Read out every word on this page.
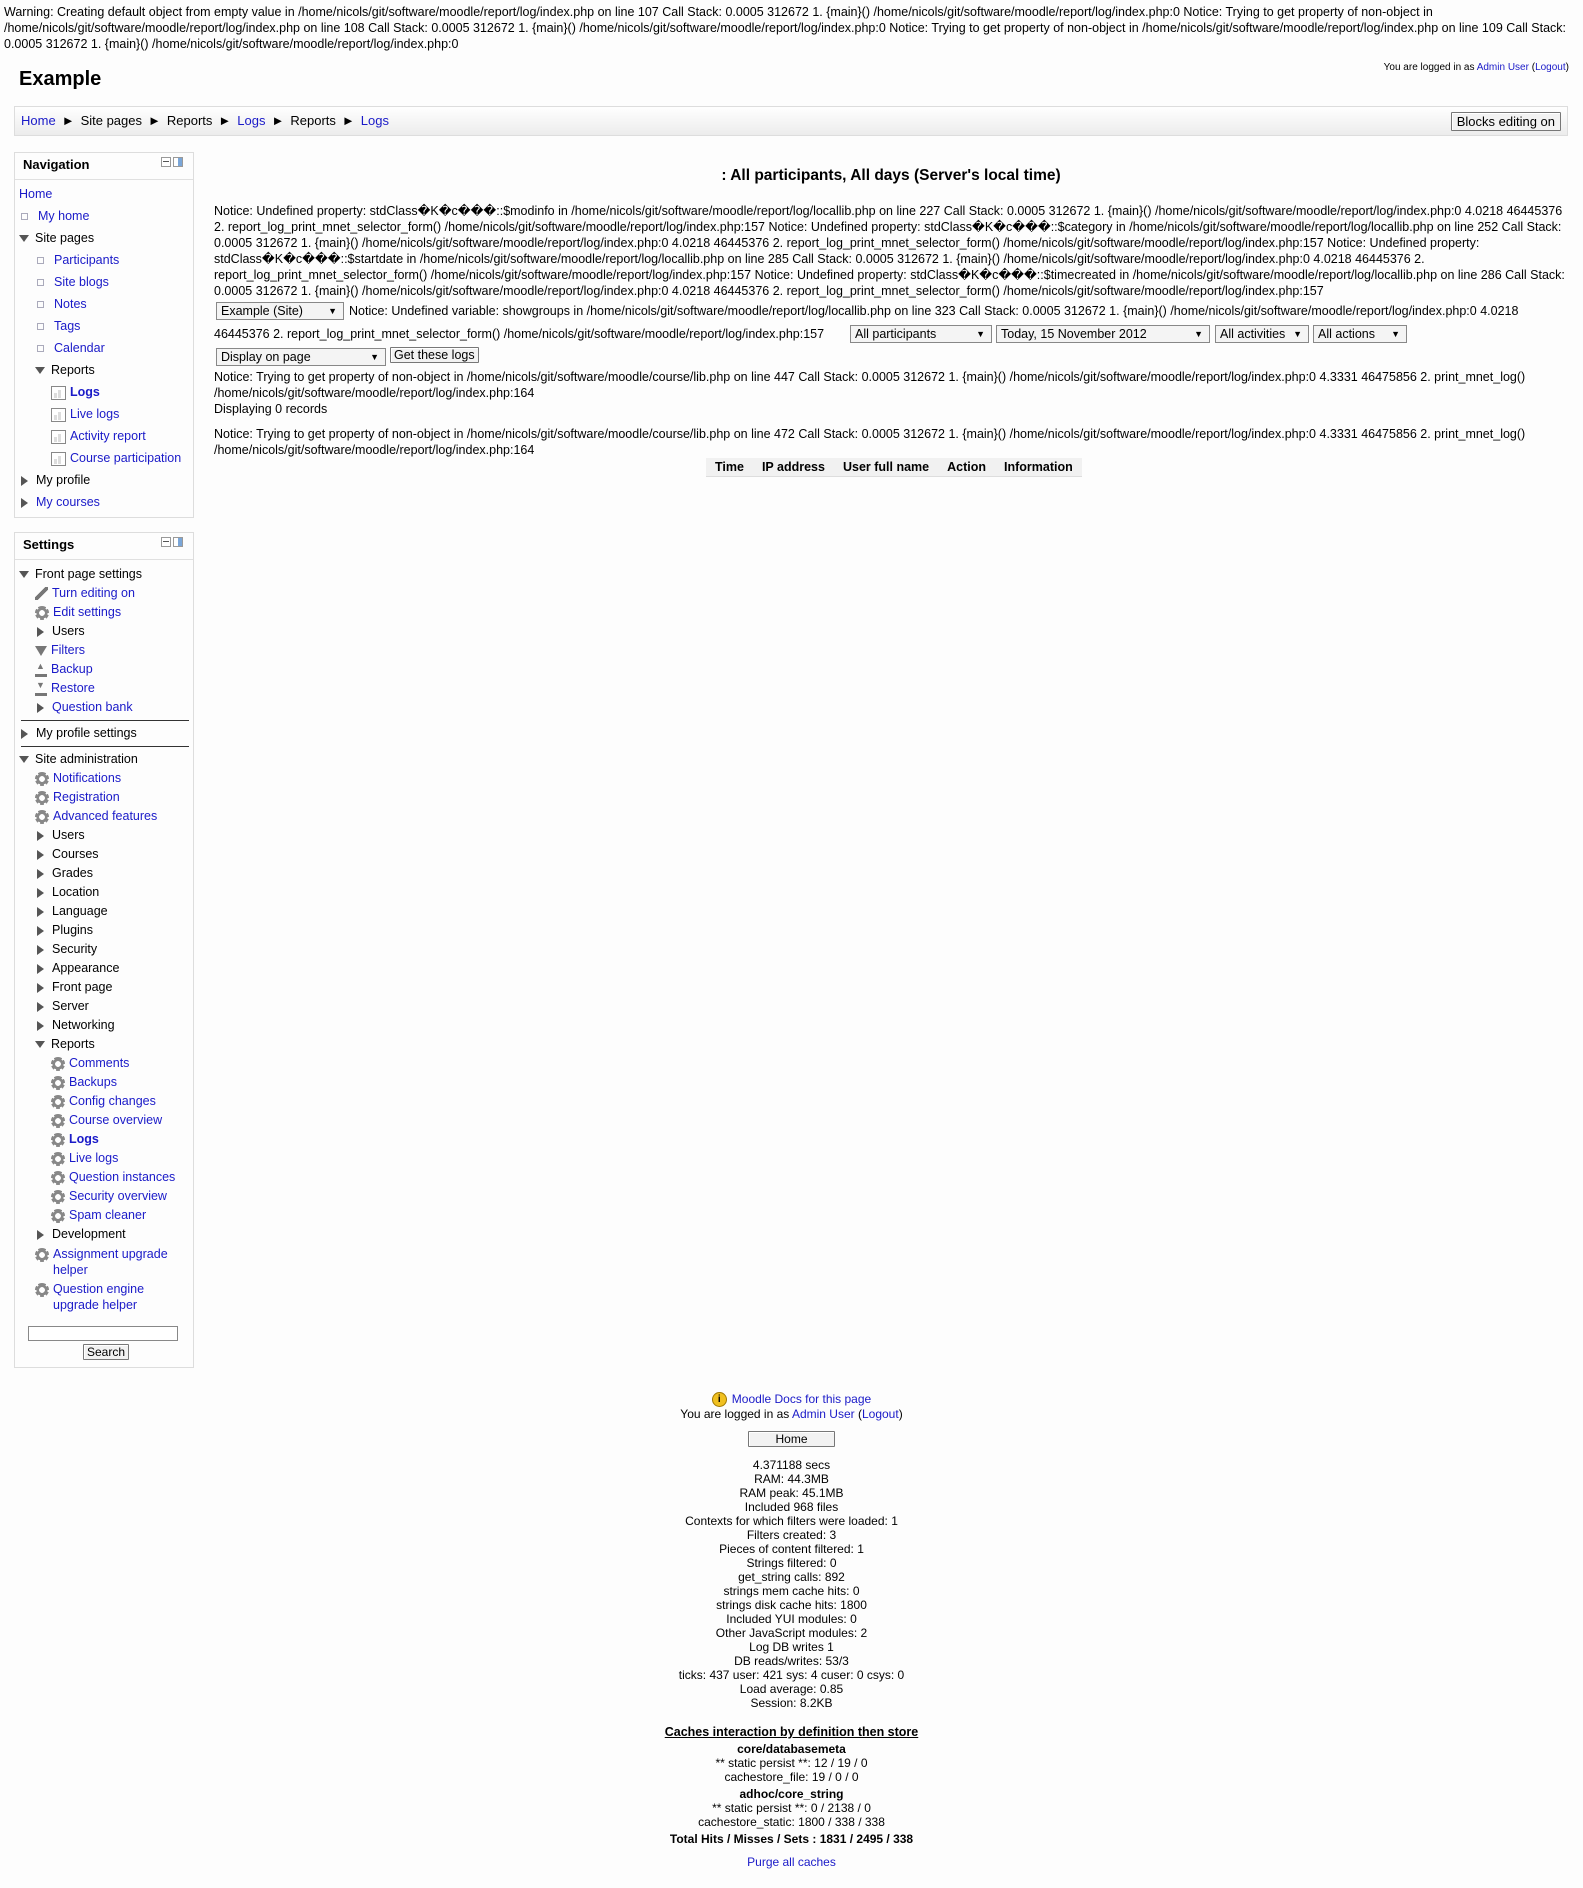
Warning: Creating default object from empty value in /home/nicols/git/software/moodle/report/log/index.php on line 107 Call Stack: 0.0005 312672 1. {main}() /home/nicols/git/software/moodle/report/log/index.php:0 Notice: Trying to get property of non-object in /home/nicols/git/software/moodle/report/log/index.php on line 108 Call Stack: 0.0005 312672 1. {main}() /home/nicols/git/software/moodle/report/log/index.php:0 Notice: Trying to get property of non-object in /home/nicols/git/software/moodle/report/log/index.php on line 109 Call Stack: 0.0005 312672 1. {main}() /home/nicols/git/software/moodle/report/log/index.php:0
Example
You are logged in as Admin User (Logout)
Home ► Site pages ► Reports ► Logs ► Reports ► Logs	Blocks editing on
Navigation
Home
My home
Site pages
Participants
Site blogs
Notes
Tags
Calendar
Reports
Logs
Live logs
Activity report
Course participation
My profile
My courses
Settings
Front page settings
Turn editing on
Edit settings
Users
Filters
▲Backup
▼Restore
Question bank
My profile settings
Site administration
Notifications
Registration
Advanced features
Users
Courses
Grades
Location
Language
Plugins
Security
Appearance
Front page
Server
Networking
Reports
Comments
Backups
Config changes
Course overview
Logs
Live logs
Question instances
Security overview
Spam cleaner
Development
Assignment upgrade
helper
Question engine
upgrade helper
Search
: All participants, All days (Server's local time)
Notice: Undefined property: stdClass�K�c���::$modinfo in /home/nicols/git/software/moodle/report/log/locallib.php on line 227 Call Stack: 0.0005 312672 1. {main}() /home/nicols/git/software/moodle/report/log/index.php:0 4.0218 46445376 2. report_log_print_mnet_selector_form() /home/nicols/git/software/moodle/report/log/index.php:157 Notice: Undefined property: stdClass�K�c���::$category in /home/nicols/git/software/moodle/report/log/locallib.php on line 252 Call Stack: 0.0005 312672 1. {main}() /home/nicols/git/software/moodle/report/log/index.php:0 4.0218 46445376 2. report_log_print_mnet_selector_form() /home/nicols/git/software/moodle/report/log/index.php:157 Notice: Undefined property: stdClass�K�c���::$startdate in /home/nicols/git/software/moodle/report/log/locallib.php on line 285 Call Stack: 0.0005 312672 1. {main}() /home/nicols/git/software/moodle/report/log/index.php:0 4.0218 46445376 2. report_log_print_mnet_selector_form() /home/nicols/git/software/moodle/report/log/index.php:157 Notice: Undefined property: stdClass�K�c���::$timecreated in /home/nicols/git/software/moodle/report/log/locallib.php on line 286 Call Stack: 0.0005 312672 1. {main}() /home/nicols/git/software/moodle/report/log/index.php:0 4.0218 46445376 2. report_log_print_mnet_selector_form() /home/nicols/git/software/moodle/report/log/index.php:157
Example (Site)	▼ Notice: Undefined variable: showgroups in /home/nicols/git/software/moodle/report/log/locallib.php on line 323 Call Stack: 0.0005 312672 1. {main}() /home/nicols/git/software/moodle/report/log/index.php:0 4.0218
46445376 2. report_log_print_mnet_selector_form() /home/nicols/git/software/moodle/report/log/index.php:157	All participants	▼	Today, 15 November 2012	▼	All activities ▼	All actions ▼
Display on page	▼	Get these logs
Notice: Trying to get property of non-object in /home/nicols/git/software/moodle/course/lib.php on line 447 Call Stack: 0.0005 312672 1. {main}() /home/nicols/git/software/moodle/report/log/index.php:0 4.3331 46475856 2. print_mnet_log() /home/nicols/git/software/moodle/report/log/index.php:164
Displaying 0 records
Notice: Trying to get property of non-object in /home/nicols/git/software/moodle/course/lib.php on line 472 Call Stack: 0.0005 312672 1. {main}() /home/nicols/git/software/moodle/report/log/index.php:0 4.3331 46475856 2. print_mnet_log() /home/nicols/git/software/moodle/report/log/index.php:164
Time	IP address	User full name	Action	Information
i Moodle Docs for this page
You are logged in as Admin User (Logout)
Home
4.371188 secs
RAM: 44.3MB
RAM peak: 45.1MB
Included 968 files
Contexts for which filters were loaded: 1
Filters created: 3
Pieces of content filtered: 1
Strings filtered: 0
get_string calls: 892
strings mem cache hits: 0
strings disk cache hits: 1800
Included YUI modules: 0
Other JavaScript modules: 2
Log DB writes 1
DB reads/writes: 53/3
ticks: 437 user: 421 sys: 4 cuser: 0 csys: 0
Load average: 0.85
Session: 8.2KB
Caches interaction by definition then store
core/databasemeta
** static persist **: 12 / 19 / 0
cachestore_file: 19 / 0 / 0
adhoc/core_string
** static persist **: 0 / 2138 / 0
cachestore_static: 1800 / 338 / 338
Total Hits / Misses / Sets : 1831 / 2495 / 338
Purge all caches
